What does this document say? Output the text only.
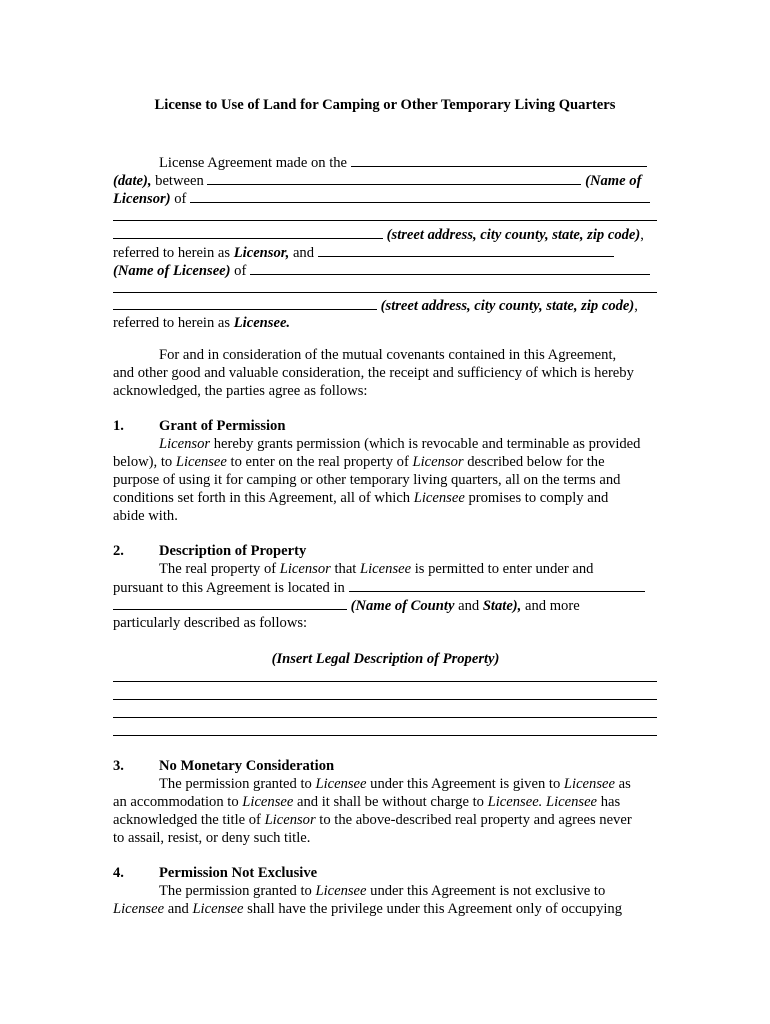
License to Use of Land for Camping or Other Temporary Living Quarters
License Agreement made on the
(date), between	(Name of
Licensor) of
(street address, city county, state, zip code),
referred to herein as Licensor, and
(Name of Licensee) of
(street address, city county, state, zip code),
referred to herein as Licensee.
For and in consideration of the mutual covenants contained in this Agreement,
and other good and valuable consideration, the receipt and sufficiency of which is hereby
acknowledged, the parties agree as follows:
1. Grant of Permission
Licensor hereby grants permission (which is revocable and terminable as provided
below), to Licensee to enter on the real property of Licensor described below for the
purpose of using it for camping or other temporary living quarters, all on the terms and
conditions set forth in this Agreement, all of which Licensee promises to comply and
abide with.
2. Description of Property
The real property of Licensor that Licensee is permitted to enter under and
pursuant to this Agreement is located in
(Name of County and State), and more
particularly described as follows:
(Insert Legal Description of Property)
3. No Monetary Consideration
The permission granted to Licensee under this Agreement is given to Licensee as
an accommodation to Licensee and it shall be without charge to Licensee. Licensee has
acknowledged the title of Licensor to the above-described real property and agrees never
to assail, resist, or deny such title.
4. Permission Not Exclusive
The permission granted to Licensee under this Agreement is not exclusive to
Licensee and Licensee shall have the privilege under this Agreement only of occupying
